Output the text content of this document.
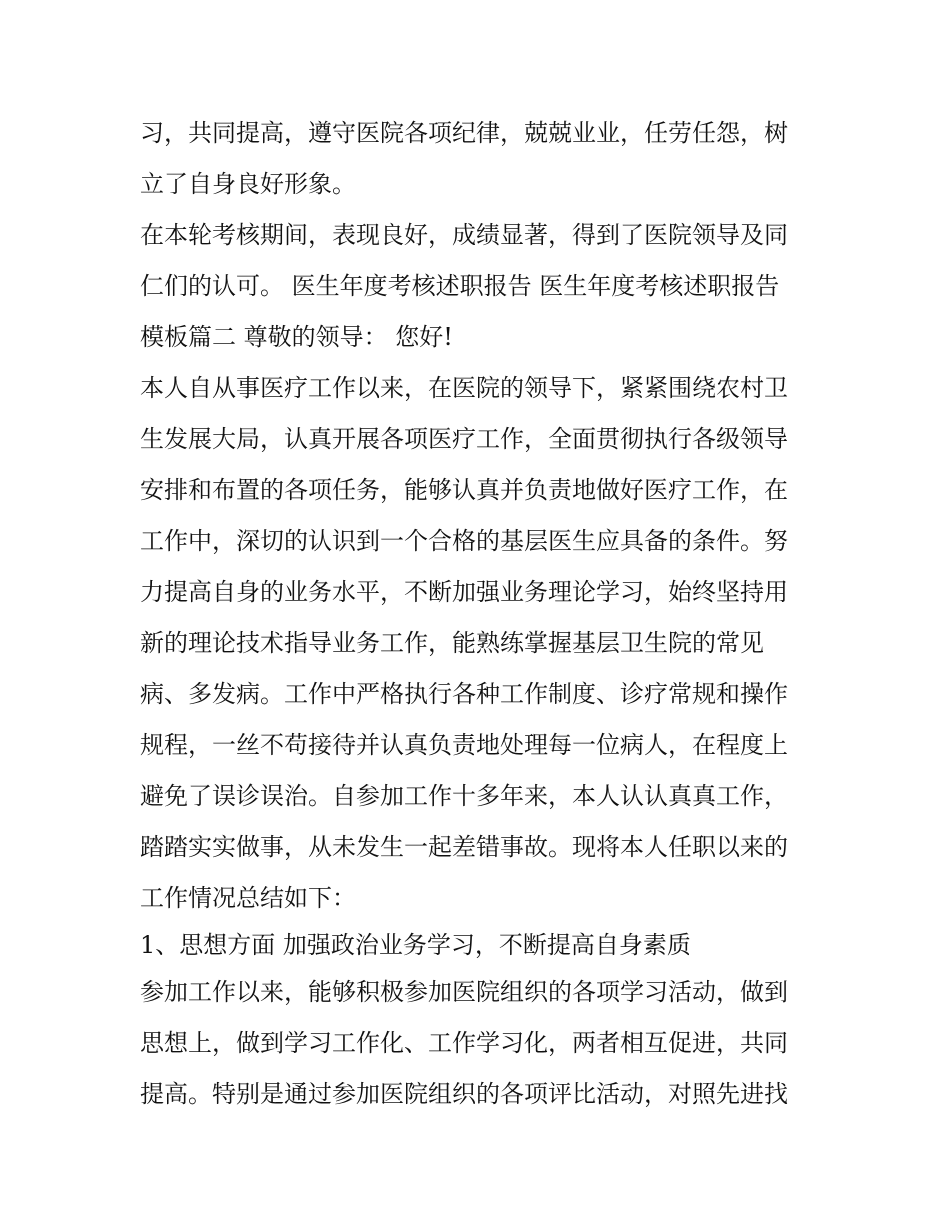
习，共同提高，遵守医院各项纪律，兢兢业业，任劳任怨，树
立了自身良好形象。
在本轮考核期间，表现良好，成绩显著，得到了医院领导及同
仁们的认可。 医生年度考核述职报告 医生年度考核述职报告
模板篇二 尊敬的领导： 您好!
本人自从事医疗工作以来，在医院的领导下，紧紧围绕农村卫
生发展大局，认真开展各项医疗工作，全面贯彻执行各级领导
安排和布置的各项任务，能够认真并负责地做好医疗工作，在
工作中，深切的认识到一个合格的基层医生应具备的条件。努
力提高自身的业务水平，不断加强业务理论学习，始终坚持用
新的理论技术指导业务工作，能熟练掌握基层卫生院的常见
病、多发病。工作中严格执行各种工作制度、诊疗常规和操作
规程，一丝不苟接待并认真负责地处理每一位病人，在程度上
避免了误诊误治。自参加工作十多年来，本人认认真真工作，
踏踏实实做事，从未发生一起差错事故。现将本人任职以来的
工作情况总结如下：
1、思想方面 加强政治业务学习，不断提高自身素质
参加工作以来，能够积极参加医院组织的各项学习活动，做到
思想上，做到学习工作化、工作学习化，两者相互促进，共同
提高。特别是通过参加医院组织的各项评比活动，对照先进找
